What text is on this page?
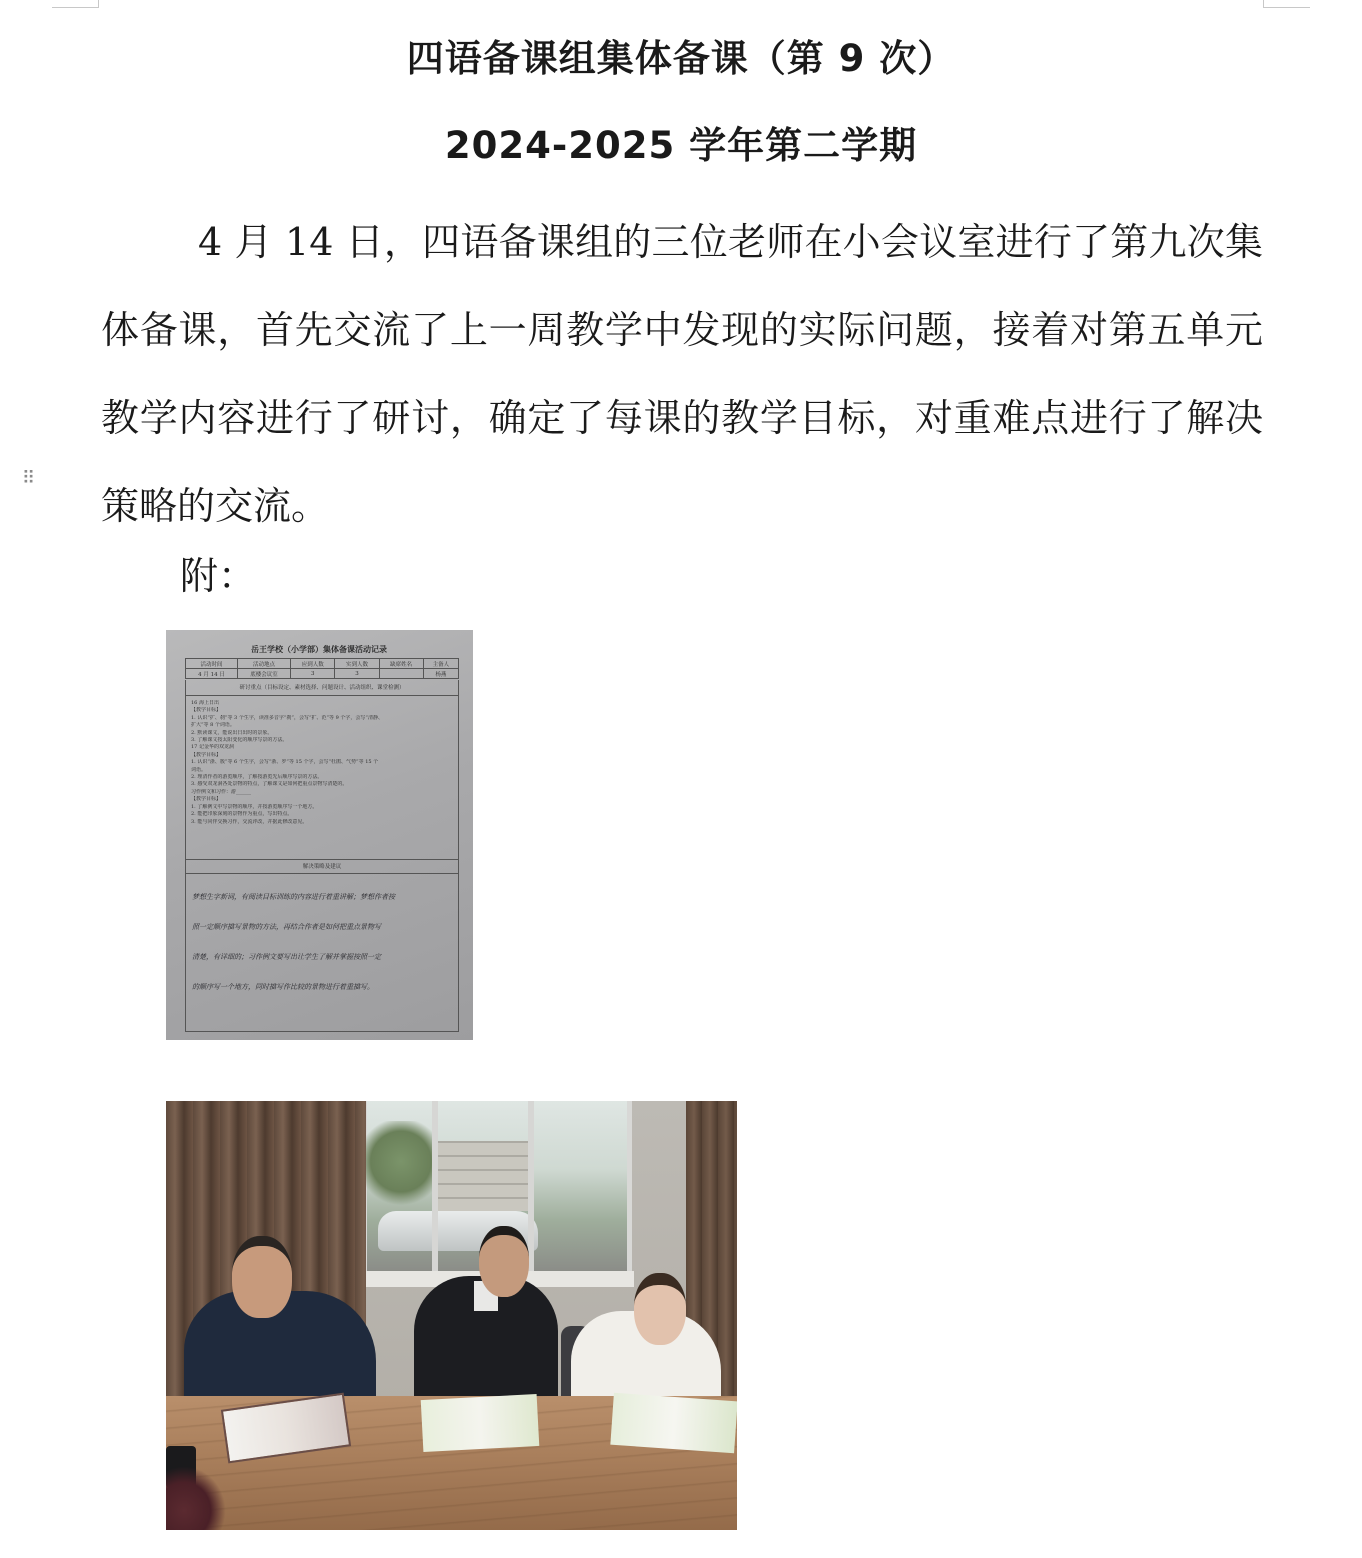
四语备课组集体备课（第 9 次）
2024-2025 学年第二学期

4 月 14 日，四语备课组的三位老师在小会议室进行了第九次集体备课，首先交流了上一周教学中发现的实际问题，接着对第五单元教学内容进行了研讨，确定了每课的教学目标，对重难点进行了解决策略的交流。

⠿

附：

岳王学校（小学部）集体备课活动记录
活动时间	活动地点	应到人数	实到人数	缺席姓名	主备人
4 月 14 日	底楼会议室	3	3		杨燕
研讨重点（目标设定、素材选择、问题设计、活动组织、课堂检测）
16 海上日出
【教学目标】
1. 认识“扩、刹”等 3 个生字，读准多音字“刹”，会写“扩、范”等 9 个字，会写“清静、
扩大”等 8 个词语。
2. 默读课文，能说出日出时的景象。
3. 了解课文按太阳变化的顺序写景的方法。
17 记金华的双龙洞
【教学目标】
1. 认识“浙、簇”等 6 个生字，会写“浙、罗”等 15 个字，会写“杜鹃、气势”等 15 个
词语。
2. 理清作者的游览顺序，了解按游览先后顺序写景的方法。
3. 感受双龙洞各处景物的特点，了解课文是如何把重点景物写清楚的。
习作例文和习作：游______
【教学目标】
1. 了解例文中写景物的顺序，并按游览顺序写一个地方。
2. 能把印象深刻的景物作为重点，写出特点。
3. 能与同伴交换习作，交流评改，并据此修改意见。
解决策略及建议
梦想生字新词，有阅读目标训练的内容进行着重讲解；梦想作者按
照一定顺序描写景物的方法，再结合作者是如何把重点景物写
清楚，有详细的；习作例文要写出让学生了解并掌握按照一定
的顺序写一个地方，同时描写作比较的景物进行着重描写。
